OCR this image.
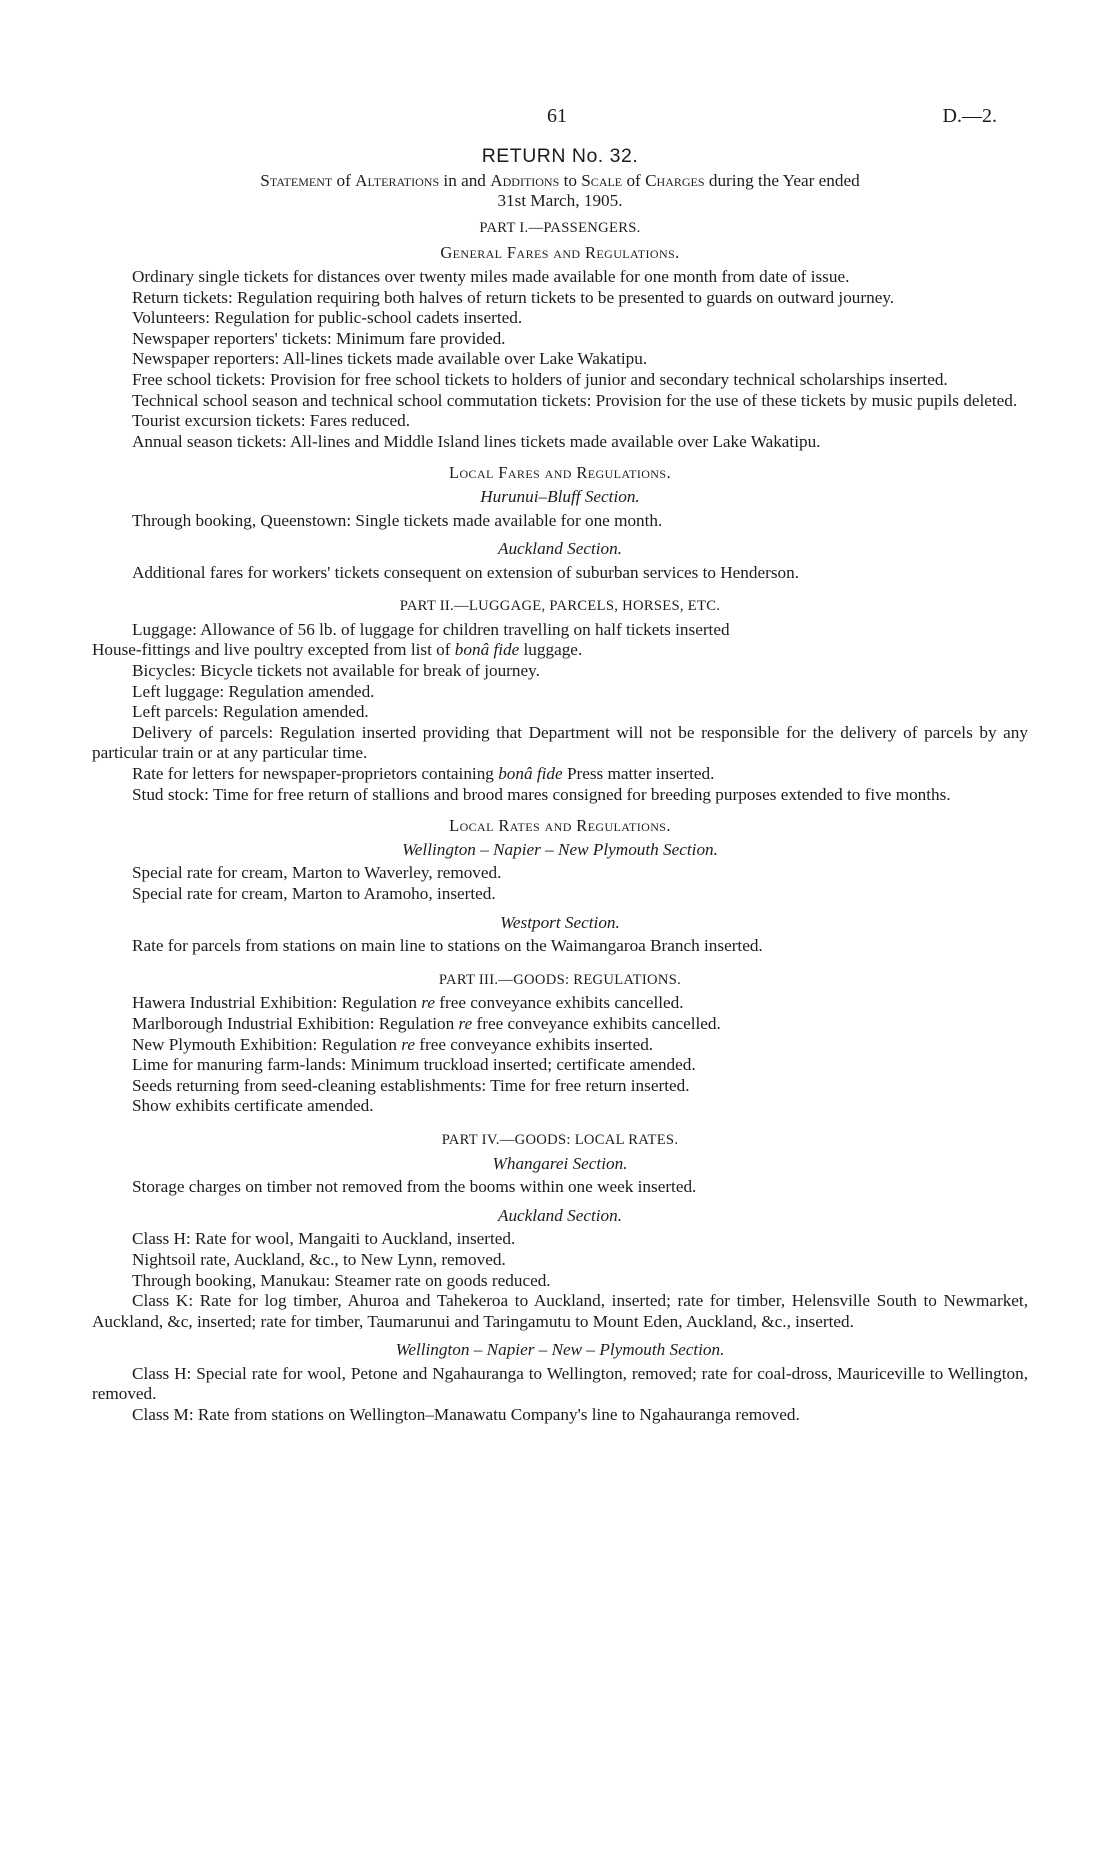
61	D.—2.
RETURN No. 32.
Statement of Alterations in and Additions to Scale of Charges during the Year ended
31st March, 1905.
PART I.—PASSENGERS.
General Fares and Regulations.

Ordinary single tickets for distances over twenty miles made available for one month from date of issue.

Return tickets: Regulation requiring both halves of return tickets to be presented to guards on outward journey.

Volunteers: Regulation for public-school cadets inserted.

Newspaper reporters' tickets: Minimum fare provided.

Newspaper reporters: All-lines tickets made available over Lake Wakatipu.

Free school tickets: Provision for free school tickets to holders of junior and secondary technical scholarships inserted.

Technical school season and technical school commutation tickets: Provision for the use of these tickets by music pupils deleted.

Tourist excursion tickets: Fares reduced.

Annual season tickets: All-lines and Middle Island lines tickets made available over Lake Wakatipu.

Local Fares and Regulations.
Hurunui–Bluff Section.

Through booking, Queenstown: Single tickets made available for one month.

Auckland Section.

Additional fares for workers' tickets consequent on extension of suburban services to Henderson.

PART II.—LUGGAGE, PARCELS, HORSES, ETC.

Luggage: Allowance of 56 lb. of luggage for children travelling on half tickets inserted

House-fittings and live poultry excepted from list of bonâ fide luggage.

Bicycles: Bicycle tickets not available for break of journey.

Left luggage: Regulation amended.

Left parcels: Regulation amended.

Delivery of parcels: Regulation inserted providing that Department will not be responsible for the delivery of parcels by any particular train or at any particular time.

Rate for letters for newspaper-proprietors containing bonâ fide Press matter inserted.

Stud stock: Time for free return of stallions and brood mares consigned for breeding purposes extended to five months.

Local Rates and Regulations.
Wellington – Napier – New Plymouth Section.

Special rate for cream, Marton to Waverley, removed.

Special rate for cream, Marton to Aramoho, inserted.

Westport Section.

Rate for parcels from stations on main line to stations on the Waimangaroa Branch inserted.

PART III.—GOODS: REGULATIONS.

Hawera Industrial Exhibition: Regulation re free conveyance exhibits cancelled.

Marlborough Industrial Exhibition: Regulation re free conveyance exhibits cancelled.

New Plymouth Exhibition: Regulation re free conveyance exhibits inserted.

Lime for manuring farm-lands: Minimum truckload inserted; certificate amended.

Seeds returning from seed-cleaning establishments: Time for free return inserted.

Show exhibits certificate amended.

PART IV.—GOODS: LOCAL RATES.
Whangarei Section.

Storage charges on timber not removed from the booms within one week inserted.

Auckland Section.

Class H: Rate for wool, Mangaiti to Auckland, inserted.

Nightsoil rate, Auckland, &c., to New Lynn, removed.

Through booking, Manukau: Steamer rate on goods reduced.

Class K: Rate for log timber, Ahuroa and Tahekeroa to Auckland, inserted; rate for timber, Helensville South to Newmarket, Auckland, &c, inserted; rate for timber, Taumarunui and Taringamutu to Mount Eden, Auckland, &c., inserted.

Wellington – Napier – New – Plymouth Section.

Class H: Special rate for wool, Petone and Ngahauranga to Wellington, removed; rate for coal-dross, Mauriceville to Wellington, removed.

Class M: Rate from stations on Wellington–Manawatu Company's line to Ngahauranga removed.
